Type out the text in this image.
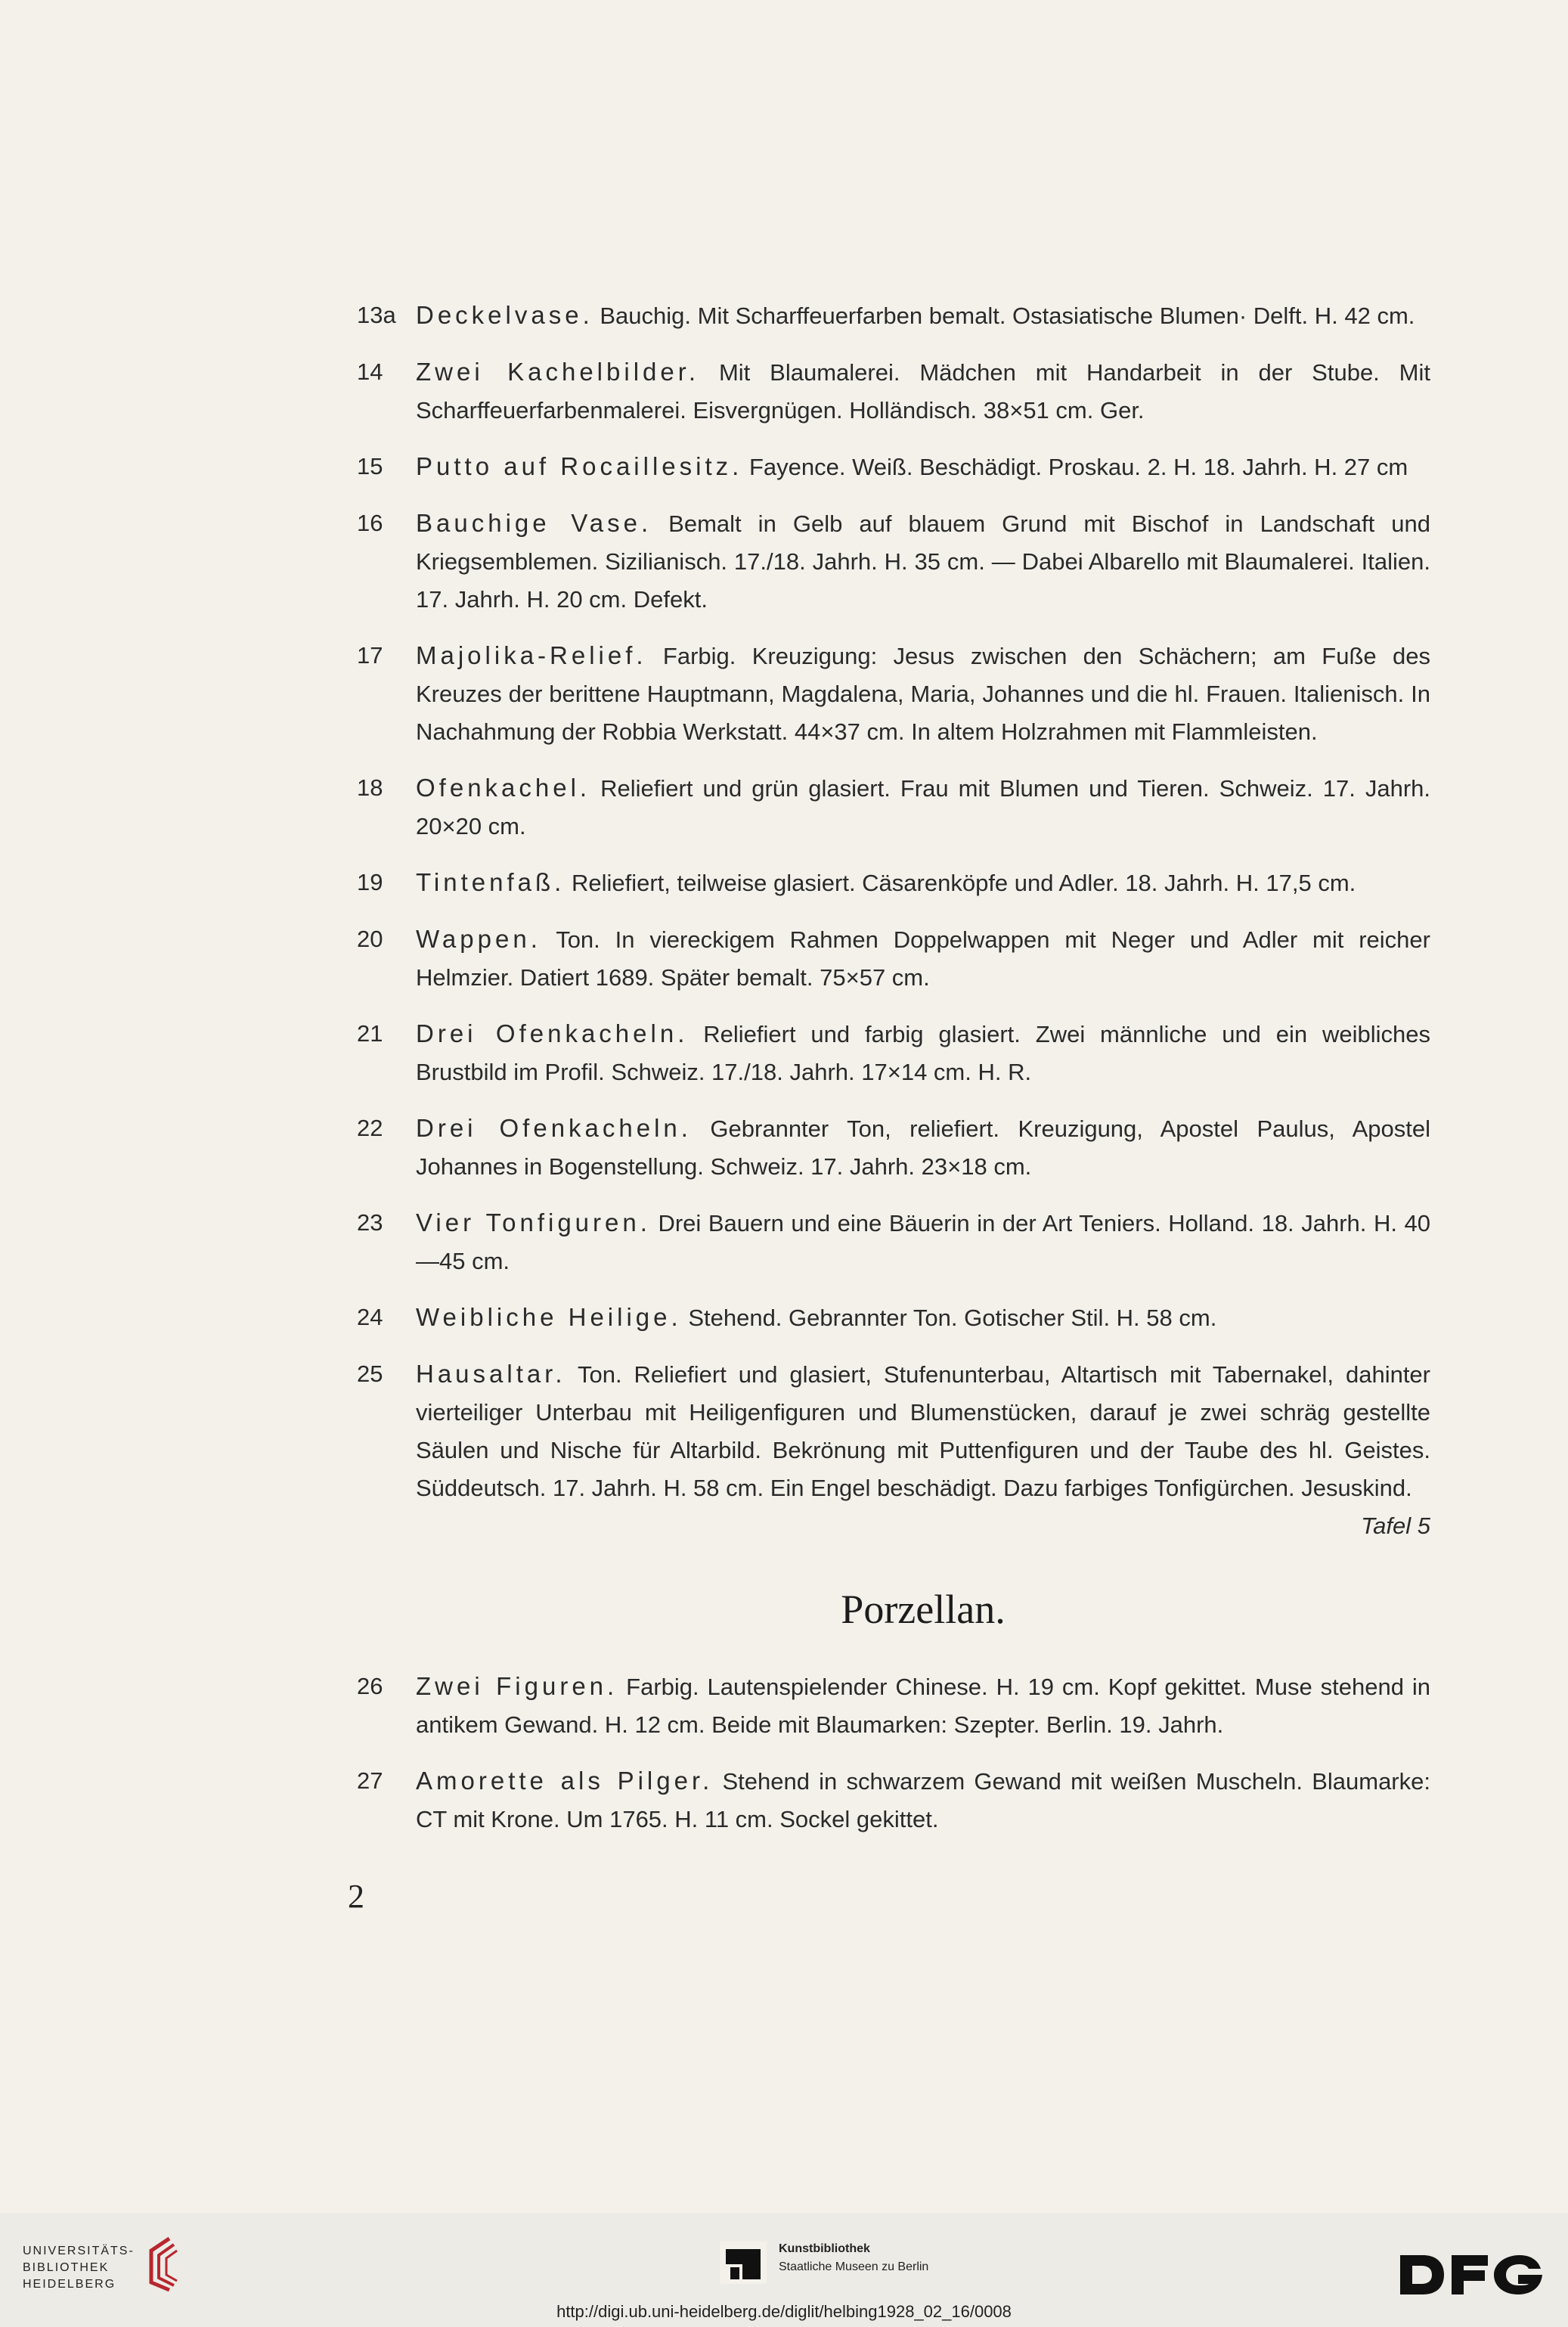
13a Deckelvase. Bauchig. Mit Scharffeuerfarben bemalt. Ostasiatische Blumen· Delft. H. 42 cm.
14	Zwei Kachelbilder. Mit Blaumalerei. Mädchen mit Handarbeit in der Stube. Mit Scharffeuerfarbenmalerei. Eisvergnügen. Holländisch. 38×51 cm. Ger.
15	Putto auf Rocaillesitz. Fayence. Weiß. Beschädigt. Proskau. 2. H. 18. Jahrh. H. 27 cm
16	Bauchige Vase. Bemalt in Gelb auf blauem Grund mit Bischof in Landschaft und Kriegsemblemen. Sizilianisch. 17./18. Jahrh. H. 35 cm. — Dabei Albarello mit Blaumalerei. Italien. 17. Jahrh. H. 20 cm. Defekt.
17	Majolika-Relief. Farbig. Kreuzigung: Jesus zwischen den Schächern; am Fuße des Kreuzes der berittene Hauptmann, Magdalena, Maria, Johannes und die hl. Frauen. Italienisch. In Nachahmung der Robbia Werkstatt. 44×37 cm. In altem Holzrahmen mit Flammleisten.
18	Ofenkachel. Reliefiert und grün glasiert. Frau mit Blumen und Tieren. Schweiz. 17. Jahrh. 20×20 cm.
19	Tintenfaß. Reliefiert, teilweise glasiert. Cäsarenköpfe und Adler. 18. Jahrh. H. 17,5 cm.
20	Wappen. Ton. In viereckigem Rahmen Doppelwappen mit Neger und Adler mit reicher Helmzier. Datiert 1689. Später bemalt. 75×57 cm.
21	Drei Ofenkacheln. Reliefiert und farbig glasiert. Zwei männliche und ein weibliches Brustbild im Profil. Schweiz. 17./18. Jahrh. 17×14 cm. H. R.
22	Drei Ofenkacheln. Gebrannter Ton, reliefiert. Kreuzigung, Apostel Paulus, Apostel Johannes in Bogenstellung. Schweiz. 17. Jahrh. 23×18 cm.
23	Vier Tonfiguren. Drei Bauern und eine Bäuerin in der Art Teniers. Holland. 18. Jahrh. H. 40—45 cm.
24	Weibliche Heilige. Stehend. Gebrannter Ton. Gotischer Stil. H. 58 cm.
25	Hausaltar. Ton. Reliefiert und glasiert, Stufenunterbau, Altartisch mit Tabernakel, dahinter vierteiliger Unterbau mit Heiligenfiguren und Blumenstücken, darauf je zwei schräg gestellte Säulen und Nische für Altarbild. Bekrönung mit Puttenfiguren und der Taube des hl. Geistes. Süddeutsch. 17. Jahrh. H. 58 cm. Ein Engel beschädigt. Dazu farbiges Tonfigürchen. Jesuskind.
Tafel 5
Porzellan.
26	Zwei Figuren. Farbig. Lautenspielender Chinese. H. 19 cm. Kopf gekittet. Muse stehend in antikem Gewand. H. 12 cm. Beide mit Blaumarken: Szepter. Berlin. 19. Jahrh.
27	Amorette als Pilger. Stehend in schwarzem Gewand mit weißen Muscheln. Blaumarke: CT mit Krone. Um 1765. H. 11 cm. Sockel gekittet.
2
UNIVERSITÄTS-
BIBLIOTHEK
HEIDELBERG
Kunstbibliothek
Staatliche Museen zu Berlin
http://digi.ub.uni-heidelberg.de/diglit/helbing1928_02_16/0008
